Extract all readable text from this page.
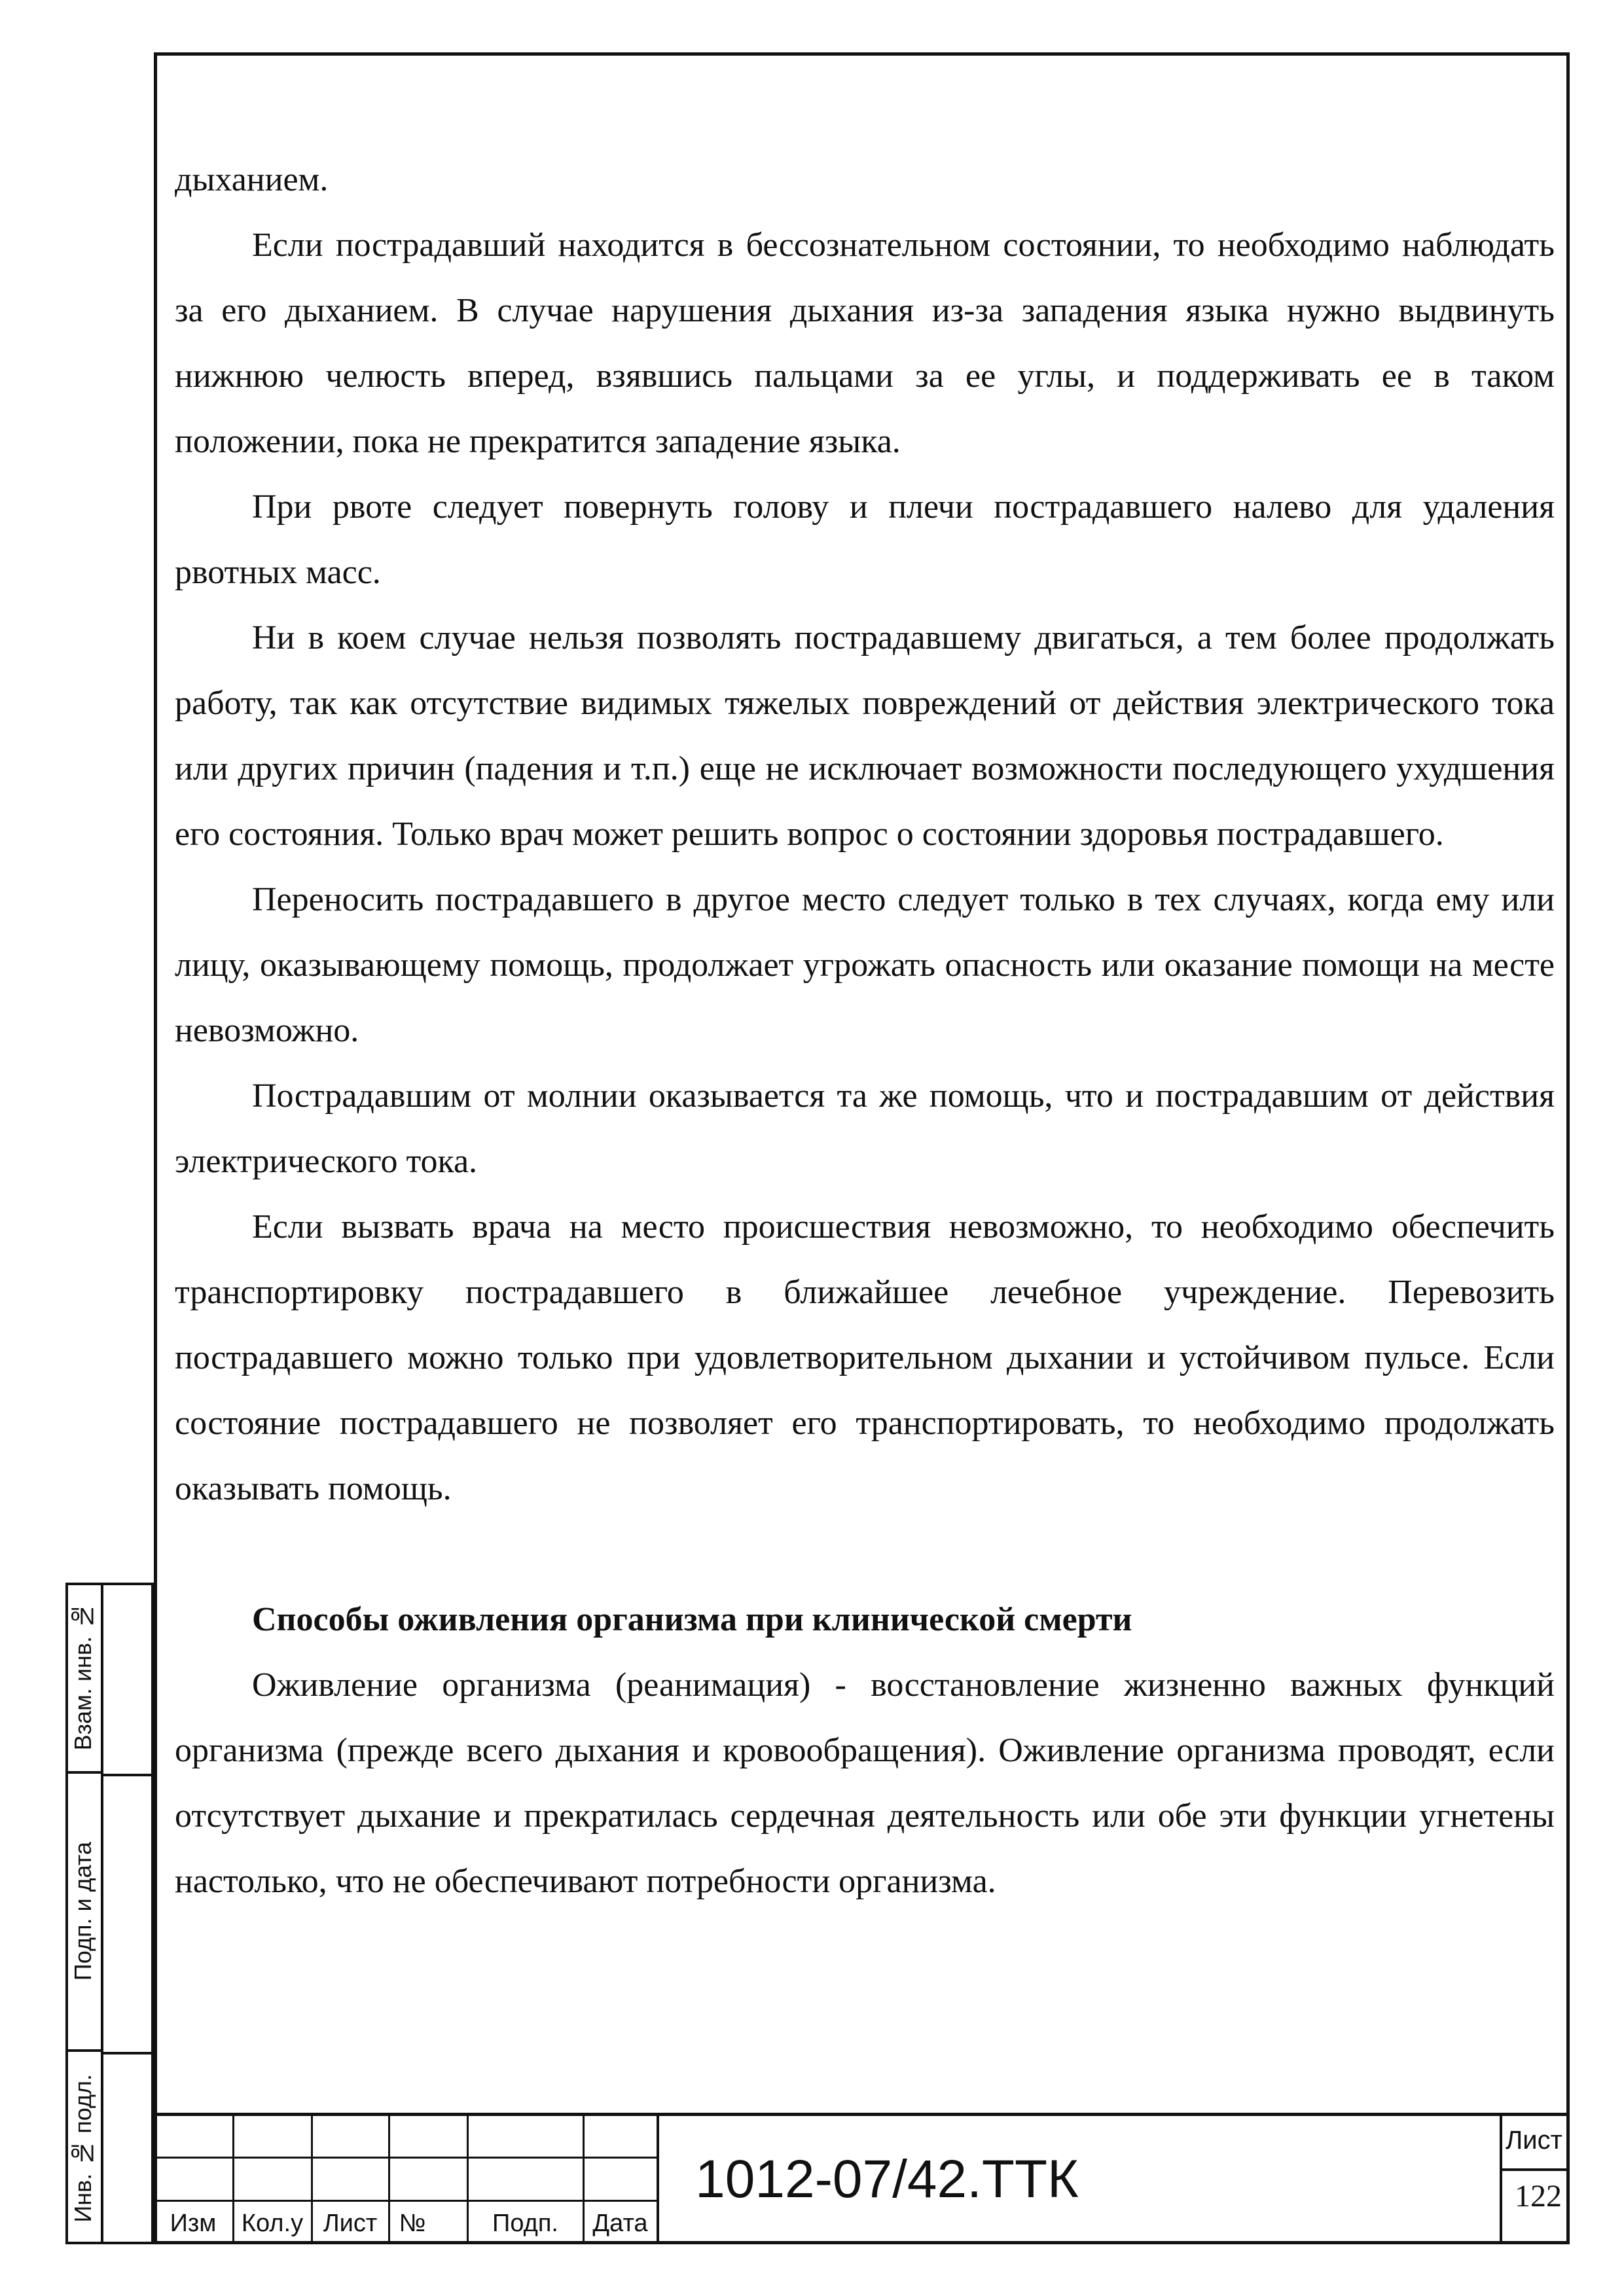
дыханием.

Если пострадавший находится в бессознательном состоянии, то необходимо наблюдать за его дыханием. В случае нарушения дыхания из-за западения языка нужно выдвинуть нижнюю челюсть вперед, взявшись пальцами за ее углы, и поддерживать ее в таком положении, пока не прекратится западение языка.

При рвоте следует повернуть голову и плечи пострадавшего налево для удаления рвотных масс.

Ни в коем случае нельзя позволять пострадавшему двигаться, а тем более продолжать работу, так как отсутствие видимых тяжелых повреждений от действия электрического тока или других причин (падения и т.п.) еще не исключает возможности последующего ухудшения его состояния. Только врач может решить вопрос о состоянии здоровья пострадавшего.

Переносить пострадавшего в другое место следует только в тех случаях, когда ему или лицу, оказывающему помощь, продолжает угрожать опасность или оказание помощи на месте невозможно.

Пострадавшим от молнии оказывается та же помощь, что и пострадавшим от действия электрического тока.

Если вызвать врача на место происшествия невозможно, то необходимо обеспечить транспортировку пострадавшего в ближайшее лечебное учреждение. Перевозить пострадавшего можно только при удовлетворительном дыхании и устойчивом пульсе. Если состояние пострадавшего не позволяет его транспортировать, то необходимо продолжать оказывать помощь.

Способы оживления организма при клинической смерти

Оживление организма (реанимация) - восстановление жизненно важных функций организма (прежде всего дыхания и кровообращения). Оживление организма проводят, если отсутствует дыхание и прекратилась сердечная деятельность или обе эти функции угнетены настолько, что не обеспечивают потребности организма.

Взам. инв. №
Подп. и дата
Инв. № подл.
Изм	Кол.у Лист №	Подп.	Дата
1012-07/42.ТТК
Лист
122
